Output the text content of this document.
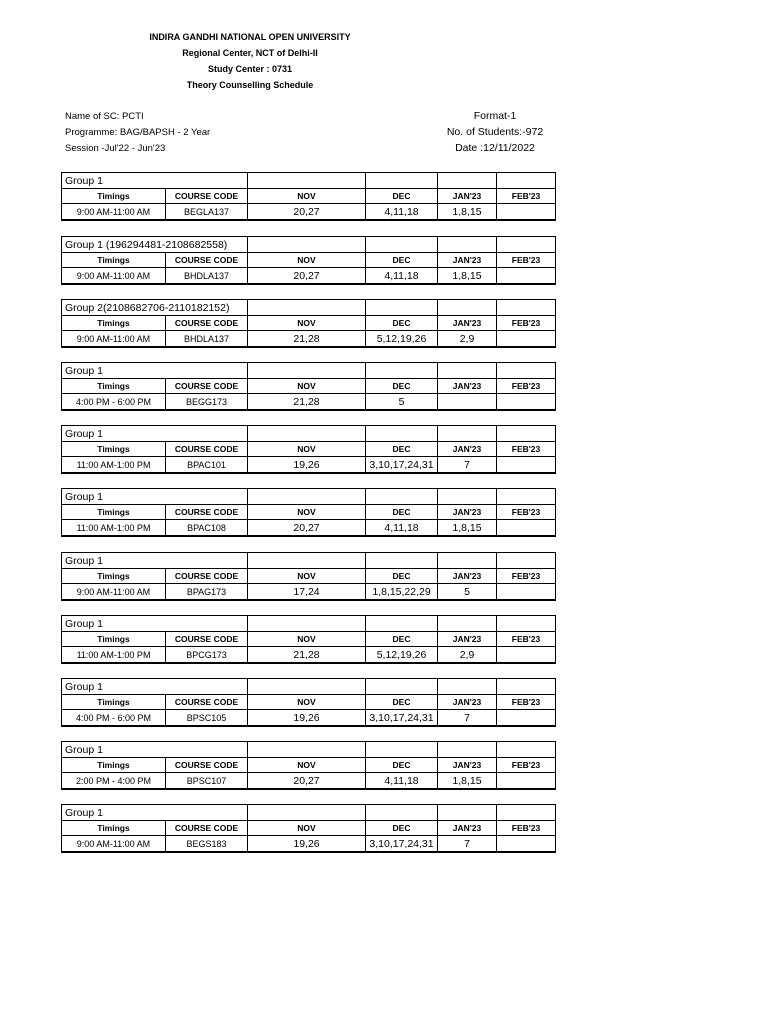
INDIRA GANDHI NATIONAL OPEN UNIVERSITY
Regional Center, NCT of Delhi-II
Study Center : 0731
Theory Counselling Schedule
Name of SC: PCTI
Programme: BAG/BAPSH - 2 Year
Session -Jul'22 - Jun'23
Format-1
No. of Students:-972
Date :12/11/2022
Group 1					
Timings	COURSE CODE	NOV	DEC	JAN'23	FEB'23
9:00 AM-11:00 AM	BEGLA137	20,27	4,11,18	1,8,15	
Group 1 (196294481-2108682558)					
Timings	COURSE CODE	NOV	DEC	JAN'23	FEB'23
9:00 AM-11:00 AM	BHDLA137	20,27	4,11,18	1,8,15	
Group 2(2108682706-2110182152)					
Timings	COURSE CODE	NOV	DEC	JAN'23	FEB'23
9:00 AM-11:00 AM	BHDLA137	21,28	5,12,19,26	2,9	
Group 1					
Timings	COURSE CODE	NOV	DEC	JAN'23	FEB'23
4:00 PM - 6:00 PM	BEGG173	21,28	5		
Group 1					
Timings	COURSE CODE	NOV	DEC	JAN'23	FEB'23
11:00 AM-1:00 PM	BPAC101	19,26	3,10,17,24,31	7	
Group 1					
Timings	COURSE CODE	NOV	DEC	JAN'23	FEB'23
11:00 AM-1:00 PM	BPAC108	20,27	4,11,18	1,8,15	
Group 1					
Timings	COURSE CODE	NOV	DEC	JAN'23	FEB'23
9:00 AM-11:00 AM	BPAG173	17,24	1,8,15,22,29	5	
Group 1					
Timings	COURSE CODE	NOV	DEC	JAN'23	FEB'23
11:00 AM-1:00 PM	BPCG173	21,28	5,12,19,26	2,9	
Group 1					
Timings	COURSE CODE	NOV	DEC	JAN'23	FEB'23
4:00 PM - 6:00 PM	BPSC105	19,26	3,10,17,24,31	7	
Group 1					
Timings	COURSE CODE	NOV	DEC	JAN'23	FEB'23
2:00 PM - 4:00 PM	BPSC107	20,27	4,11,18	1,8,15	
Group 1					
Timings	COURSE CODE	NOV	DEC	JAN'23	FEB'23
9:00 AM-11:00 AM	BEGS183	19,26	3,10,17,24,31	7	
